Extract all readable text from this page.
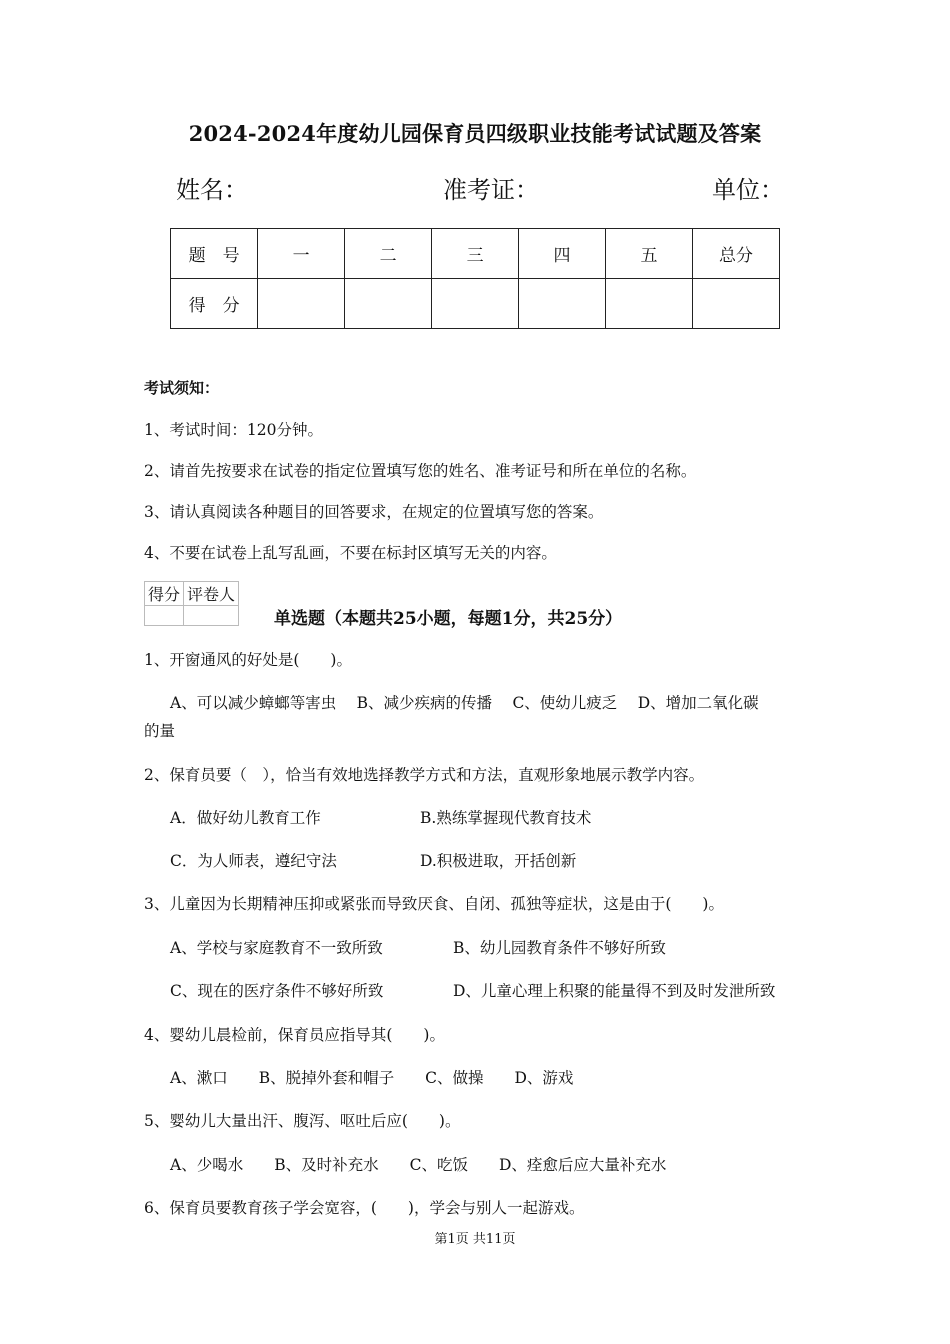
2024-2024年度幼儿园保育员四级职业技能考试试题及答案
姓名：	准考证：	单位：
题　号	一	二	三	四	五	总分
得　分						
考试须知：
1、考试时间：120分钟。
2、请首先按要求在试卷的指定位置填写您的姓名、准考证号和所在单位的名称。
3、请认真阅读各种题目的回答要求，在规定的位置填写您的答案。
4、不要在试卷上乱写乱画，不要在标封区填写无关的内容。
得分	评卷人

单选题（本题共25小题，每题1分，共25分）
1、开窗通风的好处是(　　)。
A、可以减少蟑螂等害虫　 B、减少疾病的传播　 C、使幼儿疲乏　 D、增加二氧化碳
的量
2、保育员要（　），恰当有效地选择教学方式和方法，直观形象地展示教学内容。
A．做好幼儿教育工作	B.熟练掌握现代教育技术
C．为人师表，遵纪守法	D.积极进取，开括创新
3、儿童因为长期精神压抑或紧张而导致厌食、自闭、孤独等症状，这是由于(　　)。
A、学校与家庭教育不一致所致	B、幼儿园教育条件不够好所致
C、现在的医疗条件不够好所致	D、儿童心理上积聚的能量得不到及时发泄所致
4、婴幼儿晨检前，保育员应指导其(　　)。
A、漱口　　B、脱掉外套和帽子　　C、做操　　D、游戏
5、婴幼儿大量出汗、腹泻、呕吐后应(　　)。
A、少喝水　　B、及时补充水　　C、吃饭　　D、痊愈后应大量补充水
6、保育员要教育孩子学会宽容，(　　)，学会与别人一起游戏。
第1页 共11页
